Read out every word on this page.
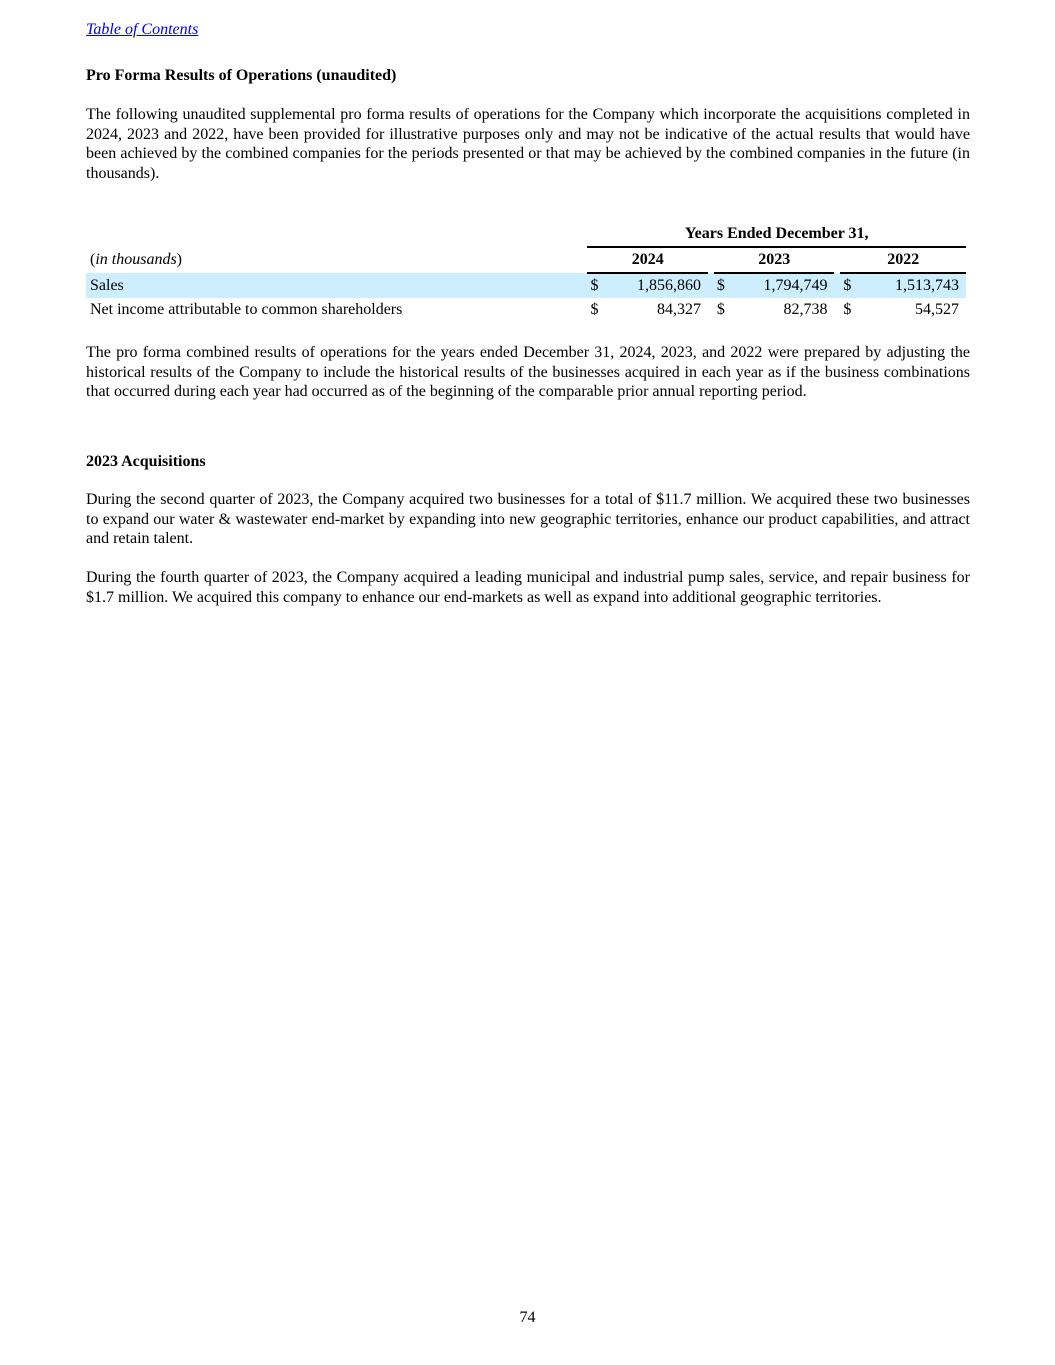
Table of Contents
Pro Forma Results of Operations (unaudited)

The following unaudited supplemental pro forma results of operations for the Company which incorporate the acquisitions completed in 2024, 2023 and 2022, have been provided for illustrative purposes only and may not be indicative of the actual results that would have been achieved by the combined companies for the periods presented or that may be achieved by the combined companies in the future (in thousands).

	Years Ended December 31,							
(in thousands)	2024			2023			2022	
Sales	$	1,856,860		$	1,794,749		$	1,513,743
Net income attributable to common shareholders	$	84,327		$	82,738		$	54,527

The pro forma combined results of operations for the years ended December 31, 2024, 2023, and 2022 were prepared by adjusting the historical results of the Company to include the historical results of the businesses acquired in each year as if the business combinations that occurred during each year had occurred as of the beginning of the comparable prior annual reporting period.

2023 Acquisitions

During the second quarter of 2023, the Company acquired two businesses for a total of $11.7 million. We acquired these two businesses to expand our water & wastewater end-market by expanding into new geographic territories, enhance our product capabilities, and attract and retain talent.

During the fourth quarter of 2023, the Company acquired a leading municipal and industrial pump sales, service, and repair business for $1.7 million. We acquired this company to enhance our end-markets as well as expand into additional geographic territories.

74
